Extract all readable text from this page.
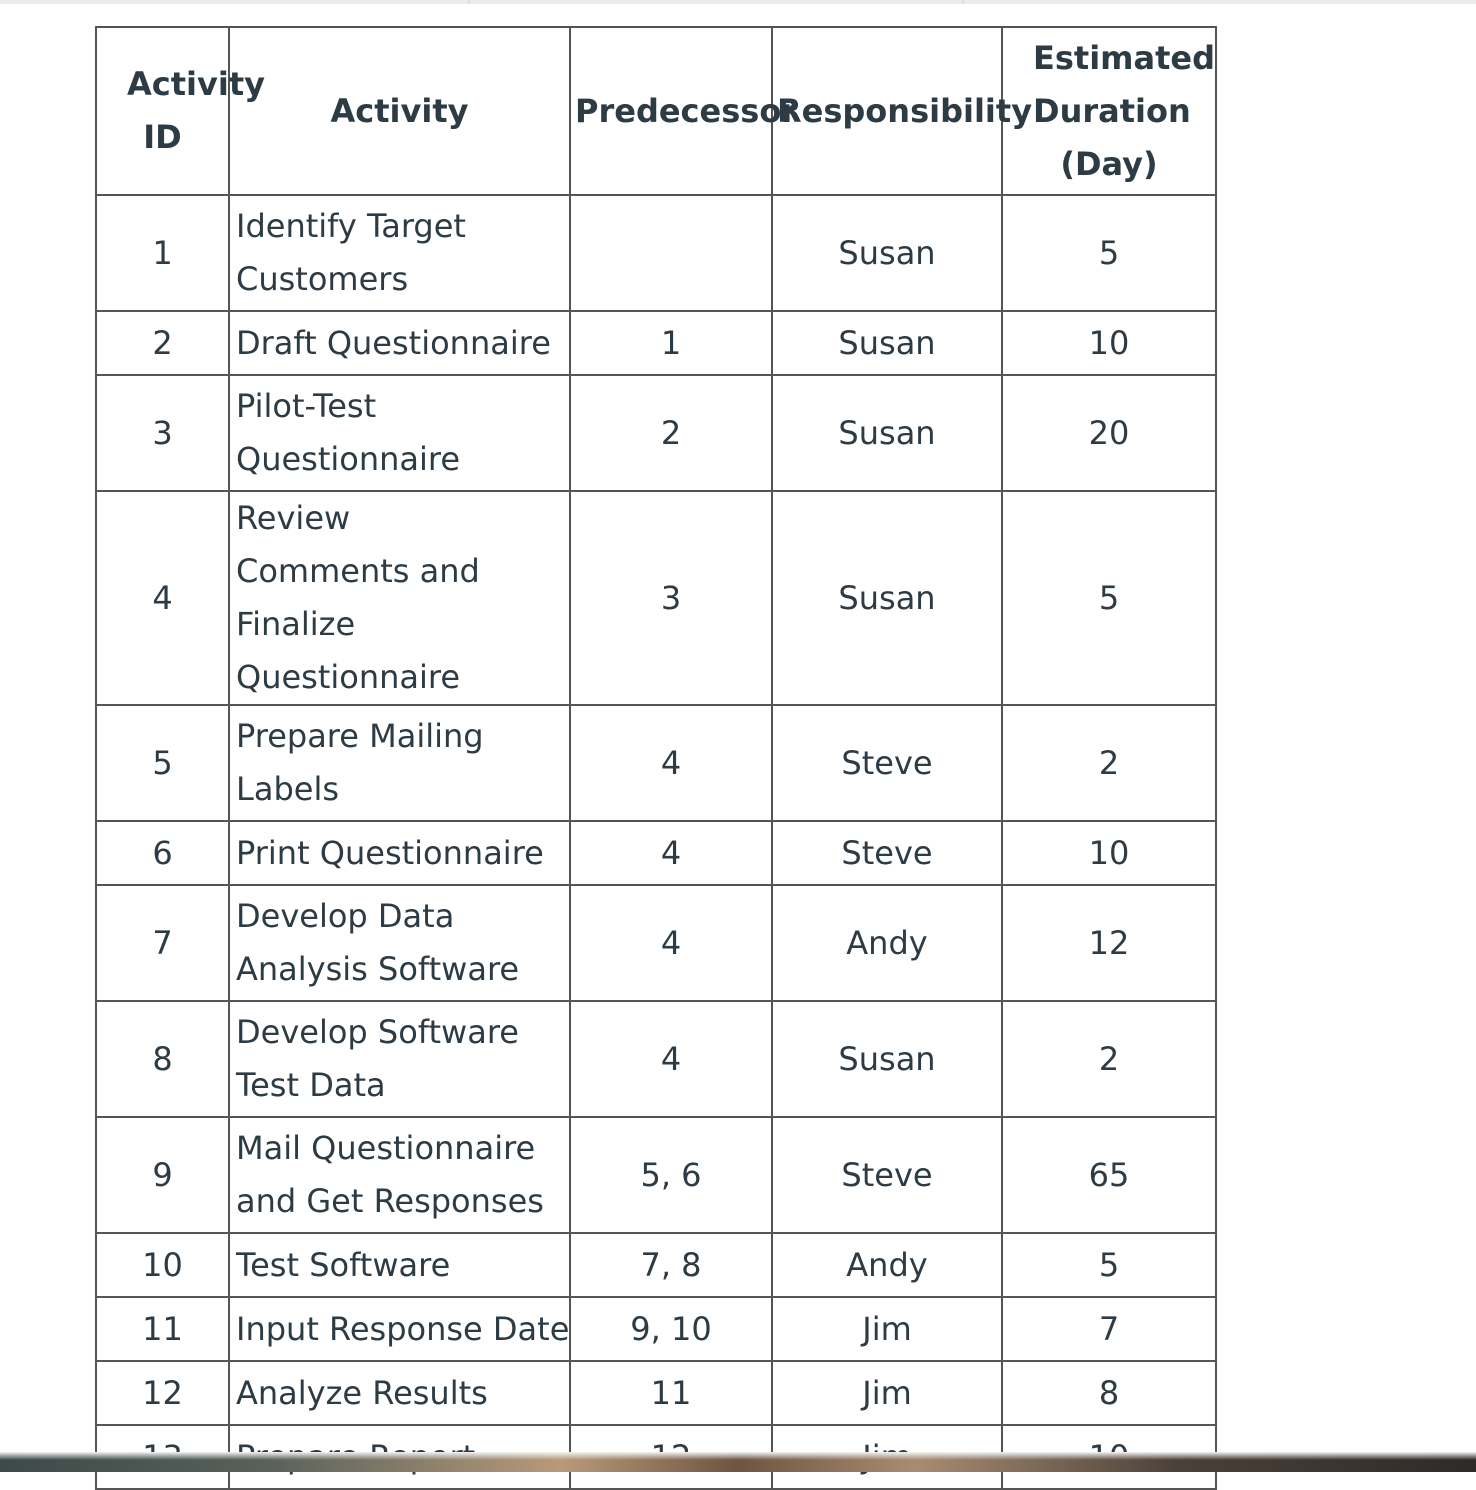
Activity ID	Activity	Predecessor	Responsibility	Estimated Duration (Day)
1	Identify Target Customers		Susan	5
2	Draft Questionnaire	1	Susan	10
3	Pilot-Test Questionnaire	2	Susan	20
4	Review Comments and Finalize Questionnaire	3	Susan	5
5	Prepare Mailing Labels	4	Steve	2
6	Print Questionnaire	4	Steve	10
7	Develop Data Analysis Software	4	Andy	12
8	Develop Software Test Data	4	Susan	2
9	Mail Questionnaire and Get Responses	5, 6	Steve	65
10	Test Software	7, 8	Andy	5
11	Input Response Date	9, 10	Jim	7
12	Analyze Results	11	Jim	8
